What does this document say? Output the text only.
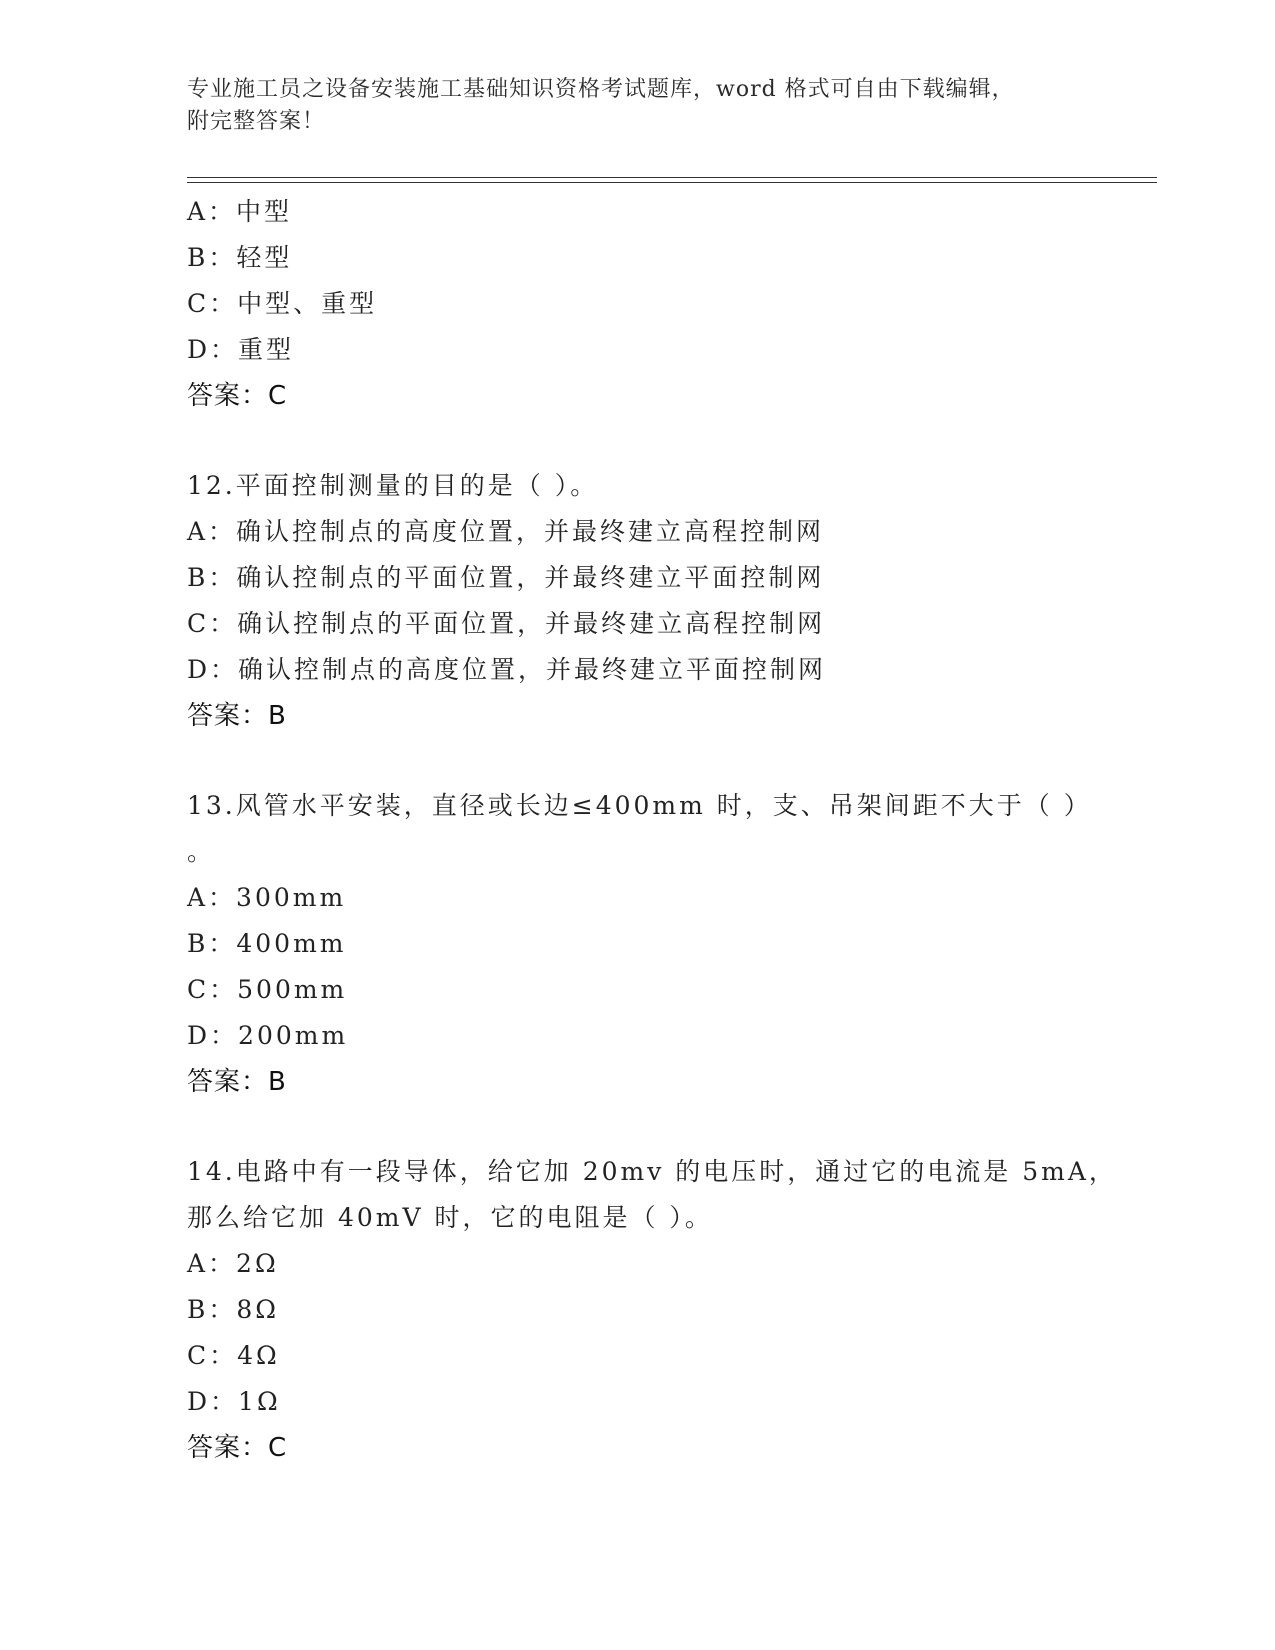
专业施工员之设备安装施工基础知识资格考试题库，word 格式可自由下载编辑，
附完整答案！
A：中型
B：轻型
C：中型、重型
D：重型
答案：C
12.平面控制测量的目的是（ ）。
A：确认控制点的高度位置，并最终建立高程控制网
B：确认控制点的平面位置，并最终建立平面控制网
C：确认控制点的平面位置，并最终建立高程控制网
D：确认控制点的高度位置，并最终建立平面控制网
答案：B
13.风管水平安装，直径或长边≤400mm 时，支、吊架间距不大于（ ）
。
A：300mm
B：400mm
C：500mm
D：200mm
答案：B
14.电路中有一段导体，给它加 20mv 的电压时，通过它的电流是 5mA，
那么给它加 40mV 时，它的电阻是（ ）。
A：2Ω
B：8Ω
C：4Ω
D：1Ω
答案：C
